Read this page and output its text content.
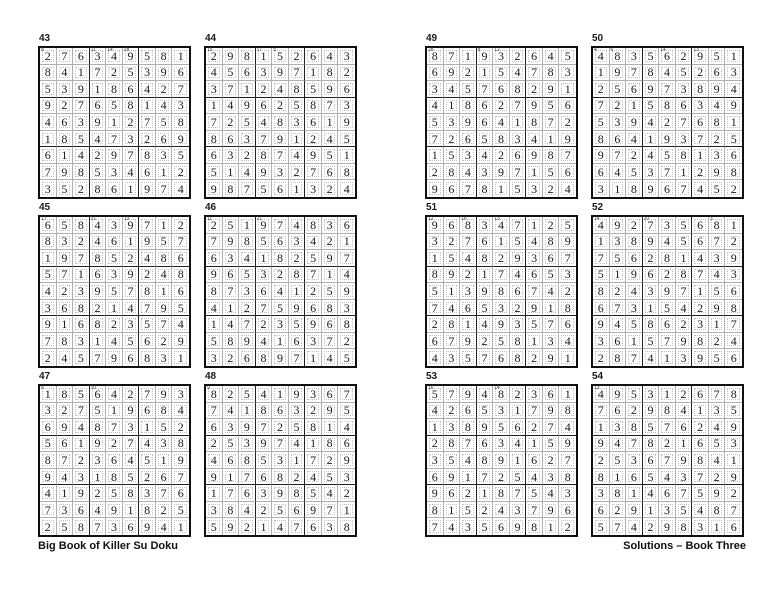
Big Book of Killer Su Doku	Solutions – Book Three
43
8 2 7 6 11
3 14
4 28
9 5 8 1
8 4 1 7 2 5 3 9 6
5 3 9 1 8 6 4 2 7
9 2 7 6 5 8 1 4 3
4 6 3 9 1 2 7 5 8
1 8 5 4 7 3 2 6 9
6 1 4 2 9 7 8 3 5
7 9 8 5 3 4 6 1 2
3 5 2 8 6 1 9 7 4
44
15
2 9 8 17
1 5 5 2 6 4 3
4 5 6 3 9 7 1 8 2
3 7 1 2 4 8 5 9 6
1 4 9 6 2 5 8 7 3
7 2 5 4 8 3 6 1 9
8 6 3 7 9 1 2 4 5
6 3 2 8 7 4 9 5 1
5 1 4 9 3 2 7 6 8
9 8 7 5 6 1 3 2 4
49
28
8 7 1 8 9 12
3 2 6 4 5
6 9 2 1 5 4 7 8 3
3 4 5 7 6 8 2 9 1
4 1 8 6 2 7 9 5 6
5 3 9 6 4 1 8 7 2
7 2 6 5 8 3 4 1 9
1 5 3 4 2 6 9 8 7
2 8 4 3 9 7 1 5 6
9 6 7 8 1 5 3 2 4
50
4 4 6 8 3 5 14
6 2 13
9 5 1
1 9 7 8 4 5 2 6 3
2 5 6 9 7 3 8 9 4
7 2 1 5 8 6 3 4 9
5 3 9 4 2 7 6 8 1
8 6 4 1 9 3 7 2 5
9 7 2 4 5 8 1 3 6
6 4 5 3 7 1 2 9 8
3 1 8 9 6 7 4 5 2
45
17
6 5 8 21
4 3 13
9 7 1 2
8 3 2 4 6 1 9 5 7
1 9 7 8 5 2 4 8 6
5 7 1 6 3 9 2 4 8
4 2 3 9 5 7 8 1 6
3 6 8 2 1 4 7 9 5
9 1 6 8 2 3 5 7 4
7 8 3 1 4 5 6 2 9
2 4 5 7 9 6 8 3 1
46
11
2 5 1 21
9 7 4 8 3 6
7 9 8 5 6 3 4 2 1
6 3 4 1 8 2 5 9 7
9 6 5 3 2 8 7 1 4
8 7 3 6 4 1 2 5 9
4 1 2 7 5 9 6 8 3
1 4 7 2 3 5 9 6 8
5 8 9 4 1 6 3 7 2
3 2 6 8 9 7 1 4 5
51
12
9 6 16
8 3 13
4 7 1 2 5
3 2 7 6 1 5 4 8 9
1 5 4 8 2 9 3 6 7
8 9 2 1 7 4 6 5 3
5 1 3 9 8 6 7 4 2
7 4 6 5 3 2 9 1 8
2 8 1 4 9 3 5 7 6
6 7 9 2 5 8 1 3 4
4 3 5 7 6 8 2 9 1
52
14
4 9 2 20
7 3 5 6 3 8 1
1 3 8 9 4 5 6 7 2
7 5 6 2 8 1 4 3 9
5 1 9 6 2 8 7 4 3
8 2 4 3 9 7 1 5 6
6 7 3 1 5 4 2 9 8
9 4 5 8 6 2 3 1 7
3 6 1 5 7 9 8 2 4
2 8 7 4 1 3 9 5 6
47
8 1 8 5 10
6 4 2 7 9 3
3 2 7 5 1 9 6 8 4
6 9 4 8 7 3 1 5 2
5 6 1 9 2 7 4 3 8
8 7 2 3 6 4 5 1 9
9 4 3 1 8 5 2 6 7
4 1 9 2 5 8 3 7 6
7 3 6 4 9 1 8 2 5
2 5 8 7 3 6 9 4 1
48
9 8 2 5 4 1 9 3 6 7
7 4 1 8 6 3 2 9 5
6 3 9 7 2 5 8 1 4
2 5 3 9 7 4 1 8 6
4 6 8 5 3 1 7 2 9
9 1 7 6 8 2 4 5 3
1 7 6 3 9 8 5 4 2
3 8 4 2 5 6 9 7 1
5 9 2 1 4 7 6 3 8
53
16
5 7 9 4 14
8 2 3 6 1
4 2 6 5 3 1 7 9 8
1 3 8 9 5 6 2 7 4
2 8 7 6 3 4 1 5 9
3 5 4 8 9 1 6 2 7
6 9 1 7 2 5 4 3 8
9 6 2 1 8 7 5 4 3
8 1 5 2 4 3 7 9 6
7 4 3 5 6 9 8 1 2
54
13
4 9 5 3 1 2 6 7 8
7 6 2 9 8 4 1 3 5
1 3 8 5 7 6 2 4 9
9 4 7 8 2 1 6 5 3
2 5 3 6 7 9 8 4 1
8 1 6 5 4 3 7 2 9
3 8 1 4 6 7 5 9 2
6 2 9 1 3 5 4 8 7
5 7 4 2 9 8 3 1 6
